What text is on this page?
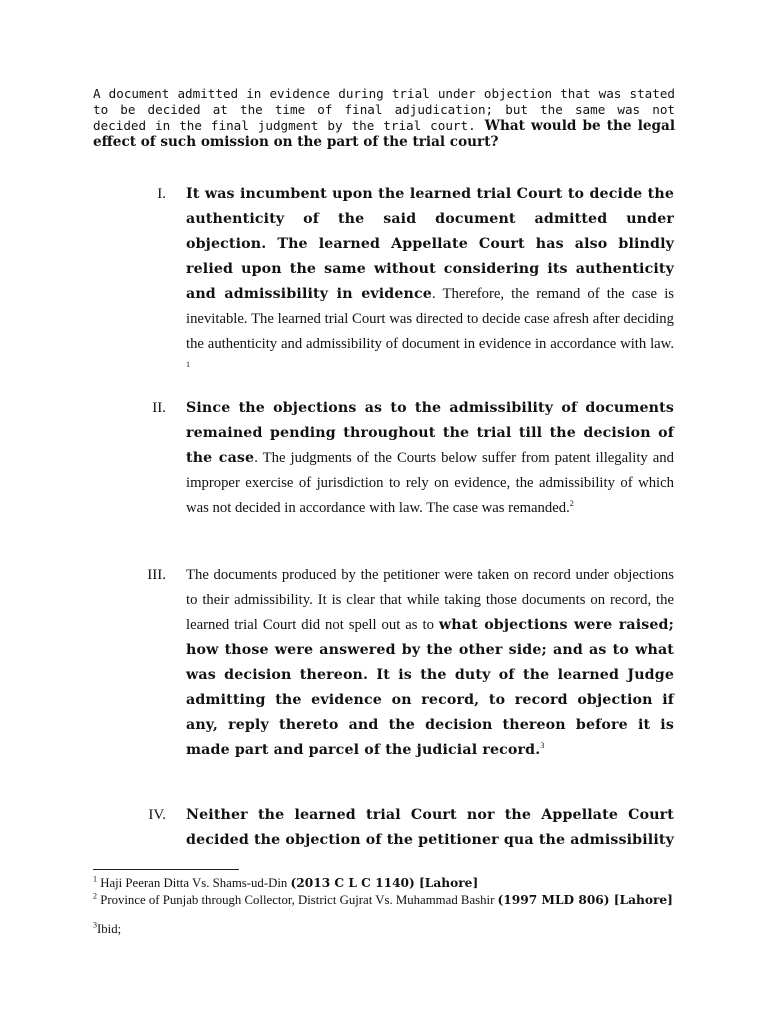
A document admitted in evidence during trial under objection that was stated to be decided at the time of final adjudication; but the same was not decided in the final judgment by the trial court. What would be the legal effect of such omission on the part of the trial court?

I. It was incumbent upon the learned trial Court to decide the authenticity of the said document admitted under objection. The learned Appellate Court has also blindly relied upon the same without considering its authenticity and admissibility in evidence. Therefore, the remand of the case is inevitable. The learned trial Court was directed to decide case afresh after deciding the authenticity and admissibility of document in evidence in accordance with law. $^1$
II. Since the objections as to the admissibility of documents remained pending throughout the trial till the decision of the case. The judgments of the Courts below suffer from patent illegality and improper exercise of jurisdiction to rely on evidence, the admissibility of which was not decided in accordance with law. The case was remanded.$^2$
III. The documents produced by the petitioner were taken on record under objections to their admissibility. It is clear that while taking those documents on record, the learned trial Court did not spell out as to what objections were raised; how those were answered by the other side; and as to what was decision thereon. It is the duty of the learned Judge admitting the evidence on record, to record objection if any, reply thereto and the decision thereon before it is made part and parcel of the judicial record.$^3$
IV. Neither the learned trial Court nor the Appellate Court decided the objection of the petitioner qua the admissibility
$^1$ Haji Peeran Ditta Vs. Shams-ud-Din (2013 C L C 1140) [Lahore]
$^2$ Province of Punjab through Collector, District Gujrat Vs. Muhammad Bashir (1997 MLD 806) [Lahore]
$^3$Ibid;
